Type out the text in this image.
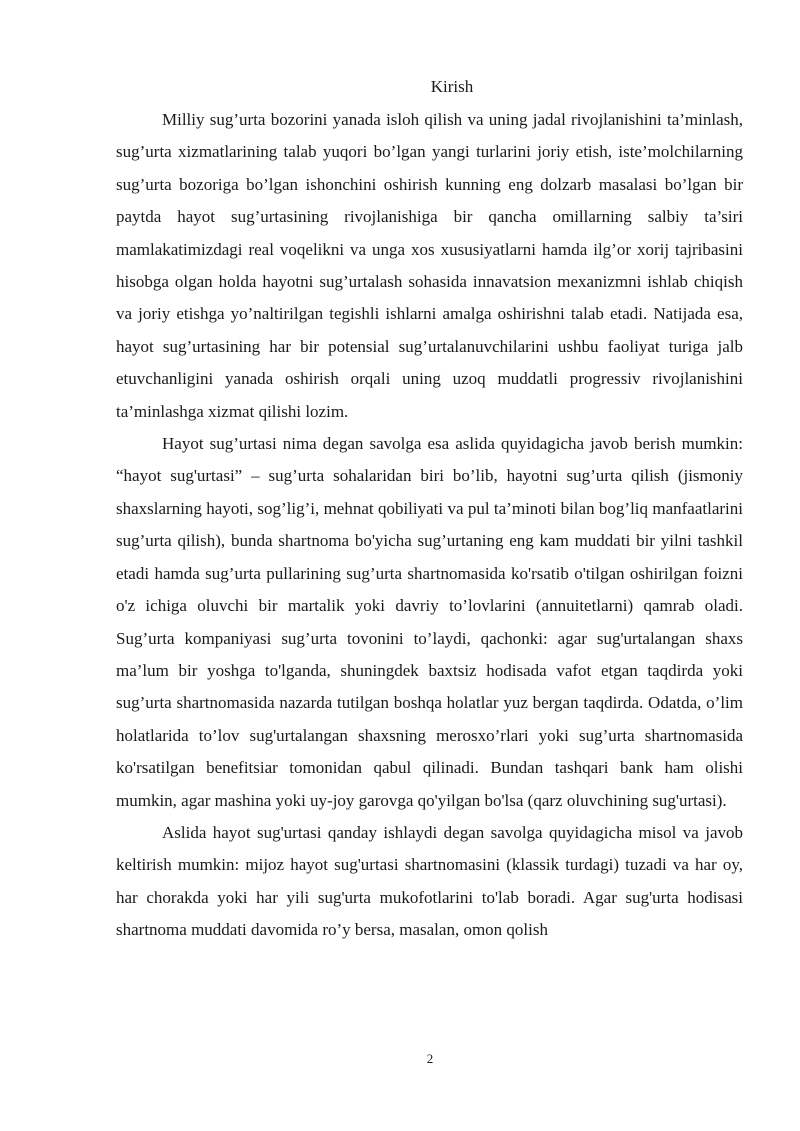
Kirish

Milliy sug’urta bozorini yanada isloh qilish va uning jadal rivojlanishini ta’minlash, sug’urta xizmatlarining talab yuqori bo’lgan yangi turlarini joriy etish, iste’molchilarning sug’urta bozoriga bo’lgan ishonchini oshirish kunning eng dolzarb masalasi bo’lgan bir paytda hayot sug’urtasining rivojlanishiga bir qancha omillarning salbiy ta’siri mamlakatimizdagi real voqelikni va unga xos xususiyatlarni hamda ilg’or xorij tajribasini hisobga olgan holda hayotni sug’urtalash sohasida innavatsion mexanizmni ishlab chiqish va joriy etishga yo’naltirilgan tegishli ishlarni amalga oshirishni talab etadi. Natijada esa, hayot sug’urtasining har bir potensial sug’urtalanuvchilarini ushbu faoliyat turiga jalb etuvchanligini yanada oshirish orqali uning uzoq muddatli progressiv rivojlanishini ta’minlashga xizmat qilishi lozim.

Hayot sug’urtasi nima degan savolga esa aslida quyidagicha javob berish mumkin: “hayot sug'urtasi” – sug’urta sohalaridan biri bo’lib, hayotni sug’urta qilish (jismoniy shaxslarning hayoti, sog’lig’i, mehnat qobiliyati va pul ta’minoti bilan bog’liq manfaatlarini sug’urta qilish), bunda shartnoma bo'yicha sug’urtaning eng kam muddati bir yilni tashkil etadi hamda sug’urta pullarining sug’urta shartnomasida ko'rsatib o'tilgan oshirilgan foizni o'z ichiga oluvchi bir martalik yoki davriy to’lovlarini (annuitetlarni) qamrab oladi. Sug’urta kompaniyasi sug’urta tovonini to’laydi, qachonki: agar sug'urtalangan shaxs ma’lum bir yoshga to'lganda, shuningdek baxtsiz hodisada vafot etgan taqdirda yoki sug’urta shartnomasida nazarda tutilgan boshqa holatlar yuz bergan taqdirda. Odatda, o’lim holatlarida to’lov sug'urtalangan shaxsning merosxo’rlari yoki sug’urta shartnomasida ko'rsatilgan benefitsiar tomonidan qabul qilinadi. Bundan tashqari bank ham olishi mumkin, agar mashina yoki uy-joy garovga qo'yilgan bo'lsa (qarz oluvchining sug'urtasi).

Aslida hayot sug'urtasi qanday ishlaydi degan savolga quyidagicha misol va javob keltirish mumkin: mijoz hayot sug'urtasi shartnomasini (klassik turdagi) tuzadi va har oy, har chorakda yoki har yili sug'urta mukofotlarini to'lab boradi. Agar sug'urta hodisasi shartnoma muddati davomida ro’y bersa, masalan, omon qolish

2
